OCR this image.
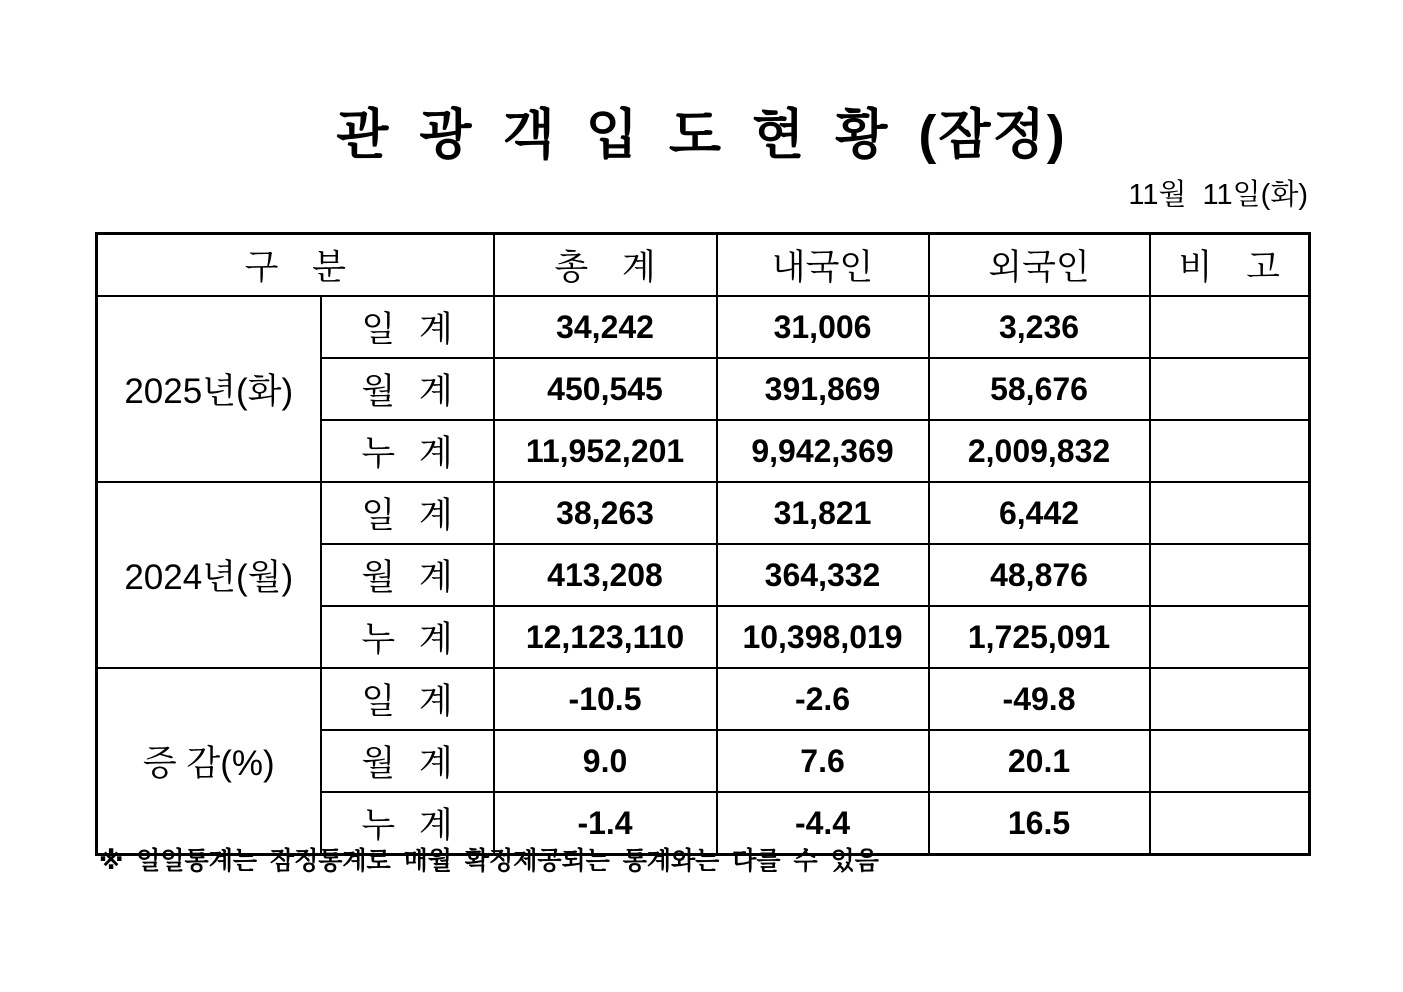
관 광 객 입 도 현 황 (잠정)
11월 11일(화)
구 분		총 계	내국인	외국인	비 고
2025년(화)	일 계	34,242	31,006	3,236	
	월 계	450,545	391,869	58,676	
	누 계	11,952,201	9,942,369	2,009,832	
2024년(월)	일 계	38,263	31,821	6,442	
	월 계	413,208	364,332	48,876	
	누 계	12,123,110	10,398,019	1,725,091	
증 감(%)	일 계	-10.5	-2.6	-49.8	
	월 계	9.0	7.6	20.1	
	누 계	-1.4	-4.4	16.5	
※ 일일통계는 잠정통계로 매월 확정제공되는 통계와는 다를 수 있음
